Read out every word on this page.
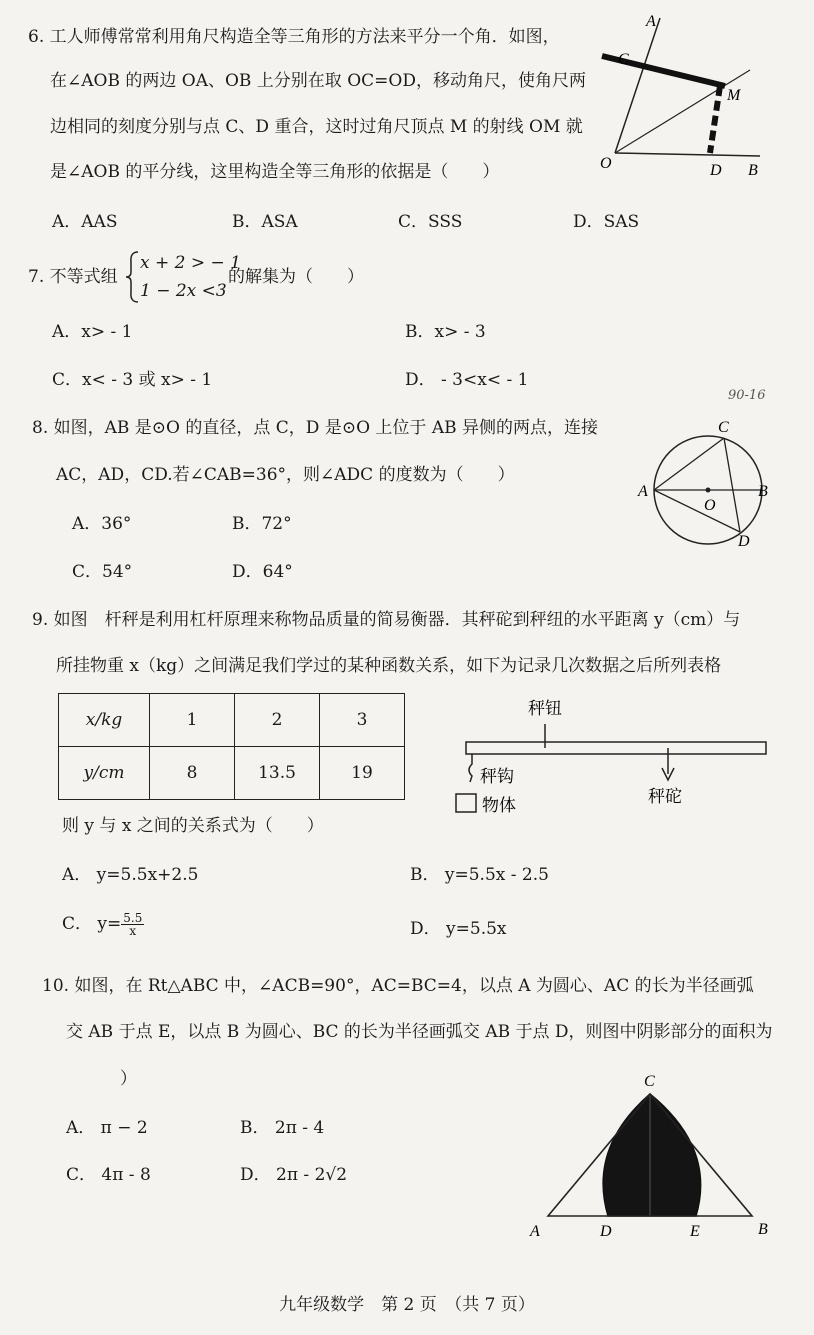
6. 工人师傅常常利用角尺构造全等三角形的方法来平分一个角．如图，
在∠AOB 的两边 OA、OB 上分别在取 OC=OD，移动角尺，使角尺两
边相同的刻度分别与点 C、D 重合，这时过角尺顶点 M 的射线 OM 就
是∠AOB 的平分线，这里构造全等三角形的依据是（　　）
A．AAS	B．ASA	C．SSS	D．SAS
A
C
M
O	D B
7. 不等式组
x + 2 > − 1
1 − 2x <3
的解集为（　　）
A．x> - 1	B．x> - 3
C．x< - 3 或 x> - 1	D． - 3<x< - 1
8. 如图，AB 是⊙O 的直径，点 C，D 是⊙O 上位于 AB 异侧的两点，连接
AC，AD，CD.若∠CAB=36°，则∠ADC 的度数为（　　）
A．36°	B．72°
C．54°	D．64°
90-16
C
A
O
B
D
9. 如图　杆秤是利用杠杆原理来称物品质量的简易衡器．其秤砣到秤纽的水平距离 y（cm）与
所挂物重 x（kg）之间满足我们学过的某种函数关系，如下为记录几次数据之后所列表格
x/kg	1	2	3
y/cm	8	13.5	19
秤钮
秤钩
物体	秤砣
则 y 与 x 之间的关系式为（　　）
A． y=5.5x+2.5	B． y=5.5x - 2.5
C． $y= \frac{5.5}{x}$	D． y=5.5x
10. 如图，在 Rt△ABC 中，∠ACB=90°，AC=BC=4，以点 A 为圆心、AC 的长为半径画弧
交 AB 于点 E，以点 B 为圆心、BC 的长为半径画弧交 AB 于点 D，则图中阴影部分的面积为
）
A． π − 2	B． 2π - 4
C． 4π - 8	D． 2π - 2√2
C
A	D	E	B
九年级数学　第 2 页　（共 7 页）
